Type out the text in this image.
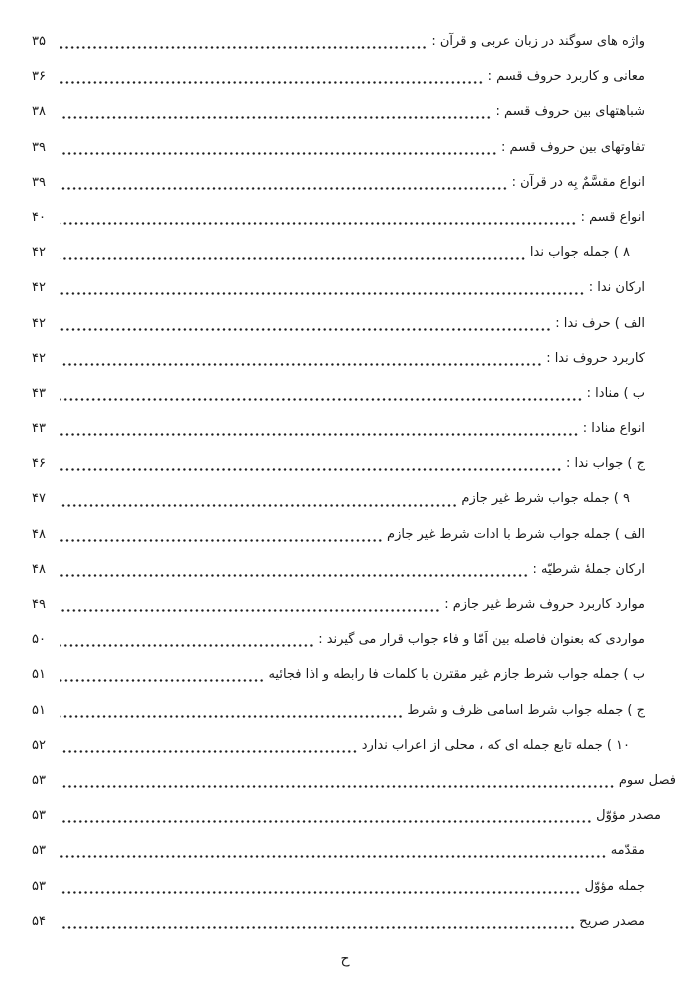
واژه های سوگند در زبان عربی و قرآن :
۳۵
معانی و کاربرد حروف قسم :
۳۶
شباهتهای بین حروف قسم :
۳۸
تفاوتهای بین حروف قسم :
۳۹
انواع مقسَّمٌ بِه در قرآن :
۳۹
انواع قسم :
۴۰
۸ ) جمله جواب ندا
۴۲
ارکان ندا :
۴۲
الف ) حرف ندا :
۴۲
کاربرد حروف ندا :
۴۲
ب ) منادا :
۴۳
انواع منادا :
۴۳
ج ) جواب ندا :
۴۶
۹ ) جمله جواب شرط غیر جازم
۴۷
الف ) جمله جواب شرط با ادات شرط غیر جازم
۴۸
ارکان جملهٔ شرطیّه :
۴۸
موارد کاربرد حروف شرط غیر جازم :
۴۹
مواردی که بعنوان فاصله بین اَمّا و فاء جواب قرار می گیرند :
۵۰
ب ) جمله جواب شرط جازم غیر مقترن با کلمات فا رابطه و اذا فجائیه
۵۱
ج ) جمله جواب شرط اسامی ظرف و شرط
۵۱
۱۰ ) جمله تابع جمله ای که ، محلی از اعراب ندارد
۵۲
فصل سوم
۵۳
مصدر مؤوّل
۵۳
مقدّمه
۵۳
جمله مؤوّل
۵۳
مصدر صریح
۵۴
ح
